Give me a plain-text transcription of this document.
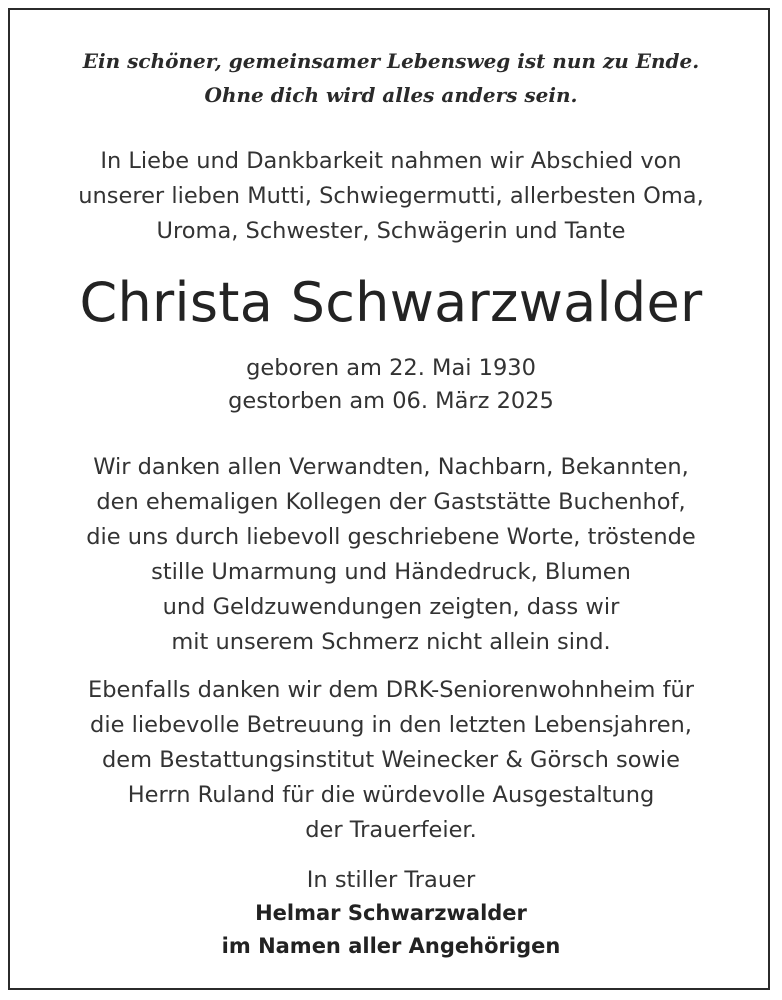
Ein schöner, gemeinsamer Lebensweg ist nun zu Ende.
Ohne dich wird alles anders sein.
In Liebe und Dankbarkeit nahmen wir Abschied von
unserer lieben Mutti, Schwiegermutti, allerbesten Oma,
Uroma, Schwester, Schwägerin und Tante
Christa Schwarzwalder
geboren am 22. Mai 1930
gestorben am 06. März 2025
Wir danken allen Verwandten, Nachbarn, Bekannten,
den ehemaligen Kollegen der Gaststätte Buchenhof,
die uns durch liebevoll geschriebene Worte, tröstende
stille Umarmung und Händedruck, Blumen
und Geldzuwendungen zeigten, dass wir
mit unserem Schmerz nicht allein sind.
Ebenfalls danken wir dem DRK-Seniorenwohnheim für
die liebevolle Betreuung in den letzten Lebensjahren,
dem Bestattungsinstitut Weinecker & Görsch sowie
Herrn Ruland für die würdevolle Ausgestaltung
der Trauerfeier.
In stiller Trauer
Helmar Schwarzwalder
im Namen aller Angehörigen
